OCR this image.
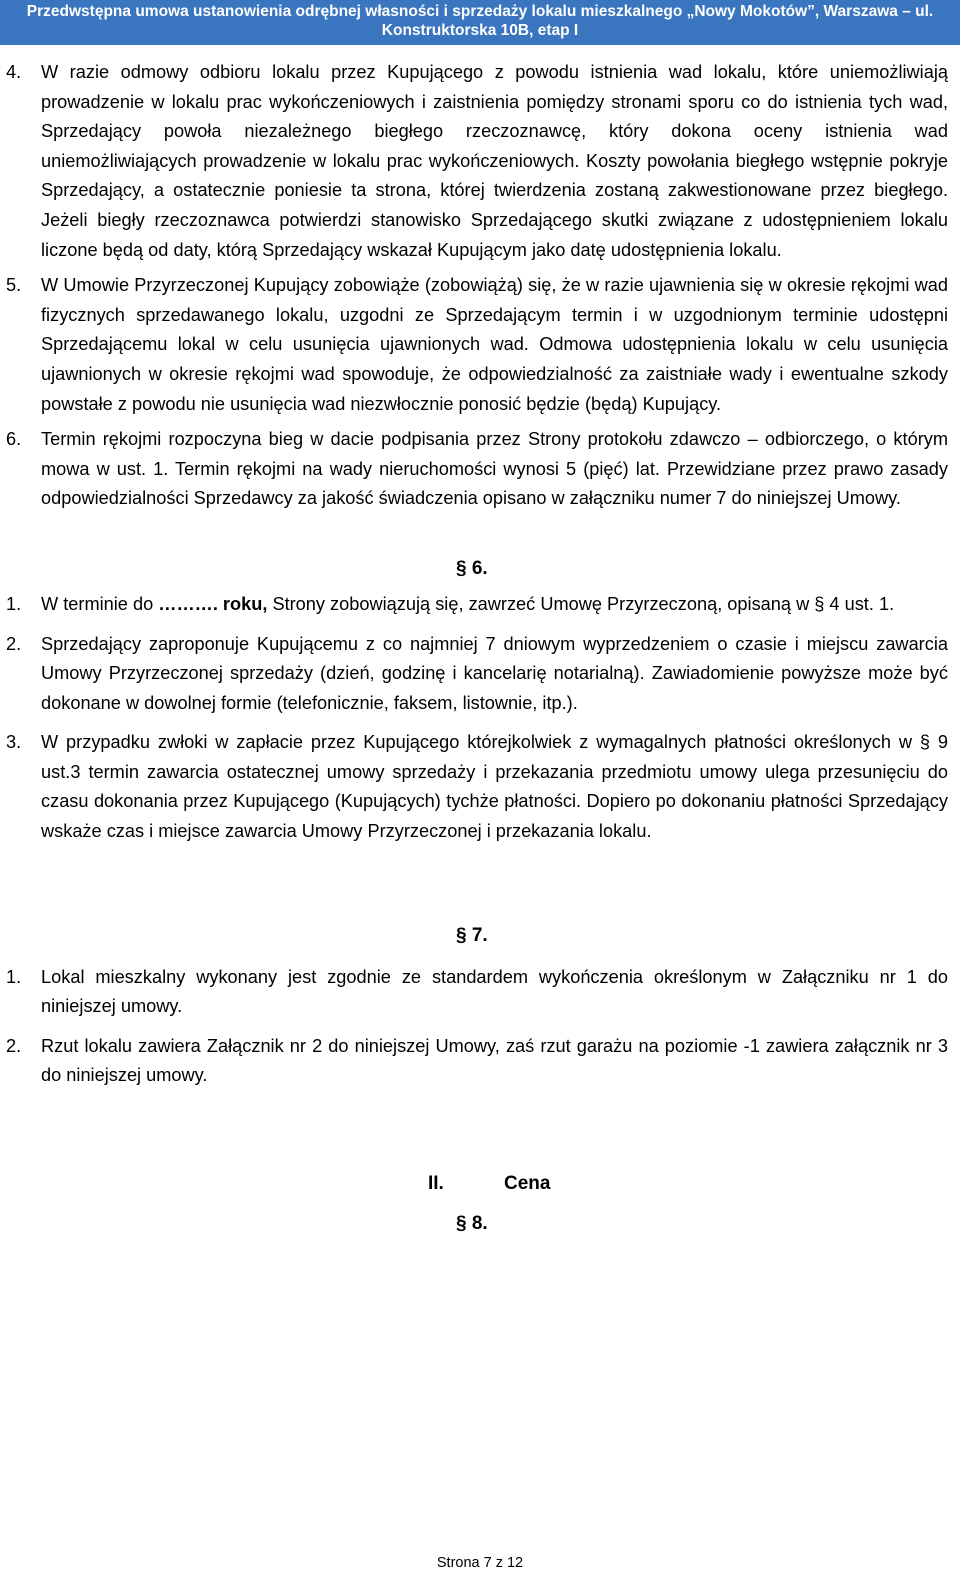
Przedwstępna umowa ustanowienia odrębnej własności i sprzedaży lokalu mieszkalnego „Nowy Mokotów”, Warszawa – ul.
Konstruktorska 10B, etap I
4. W razie odmowy odbioru lokalu przez Kupującego z powodu istnienia wad lokalu, które uniemożliwiają prowadzenie w lokalu prac wykończeniowych i zaistnienia pomiędzy stronami sporu co do istnienia tych wad, Sprzedający powoła niezależnego biegłego rzeczoznawcę, który dokona oceny istnienia wad uniemożliwiających prowadzenie w lokalu prac wykończeniowych. Koszty powołania biegłego wstępnie pokryje Sprzedający, a ostatecznie poniesie ta strona, której twierdzenia zostaną zakwestionowane przez biegłego. Jeżeli biegły rzeczoznawca potwierdzi stanowisko Sprzedającego skutki związane z udostępnieniem lokalu liczone będą od daty, którą Sprzedający wskazał Kupującym jako datę udostępnienia lokalu.
5. W Umowie Przyrzeczonej Kupujący zobowiąże (zobowiążą) się, że w razie ujawnienia się w okresie rękojmi wad fizycznych sprzedawanego lokalu, uzgodni ze Sprzedającym termin i w uzgodnionym terminie udostępni Sprzedającemu lokal w celu usunięcia ujawnionych wad. Odmowa udostępnienia lokalu w celu usunięcia ujawnionych w okresie rękojmi wad spowoduje, że odpowiedzialność za zaistniałe wady i ewentualne szkody powstałe z powodu nie usunięcia wad niezwłocznie ponosić będzie (będą) Kupujący.
6. Termin rękojmi rozpoczyna bieg w dacie podpisania przez Strony protokołu zdawczo – odbiorczego, o którym mowa w ust. 1. Termin rękojmi na wady nieruchomości wynosi 5 (pięć) lat. Przewidziane przez prawo zasady odpowiedzialności Sprzedawcy za jakość świadczenia opisano w załączniku numer 7 do niniejszej Umowy.
§ 6.
1. W terminie do ………. roku, Strony zobowiązują się, zawrzeć Umowę Przyrzeczoną, opisaną w § 4 ust. 1.
2. Sprzedający zaproponuje Kupującemu z co najmniej 7 dniowym wyprzedzeniem o czasie i miejscu zawarcia Umowy Przyrzeczonej sprzedaży (dzień, godzinę i kancelarię notarialną). Zawiadomienie powyższe może być dokonane w dowolnej formie (telefonicznie, faksem, listownie, itp.).
3. W przypadku zwłoki w zapłacie przez Kupującego którejkolwiek z wymagalnych płatności określonych w § 9 ust.3 termin zawarcia ostatecznej umowy sprzedaży i przekazania przedmiotu umowy ulega przesunięciu do czasu dokonania przez Kupującego (Kupujących) tychże płatności. Dopiero po dokonaniu płatności Sprzedający wskaże czas i miejsce zawarcia Umowy Przyrzeczonej i przekazania lokalu.
§ 7.
1. Lokal mieszkalny wykonany jest zgodnie ze standardem wykończenia określonym w Załączniku nr 1 do niniejszej umowy.
2. Rzut lokalu zawiera Załącznik nr 2 do niniejszej Umowy, zaś rzut garażu na poziomie -1 zawiera załącznik nr 3 do niniejszej umowy.
II.	Cena
§ 8.
Strona 7 z 12
